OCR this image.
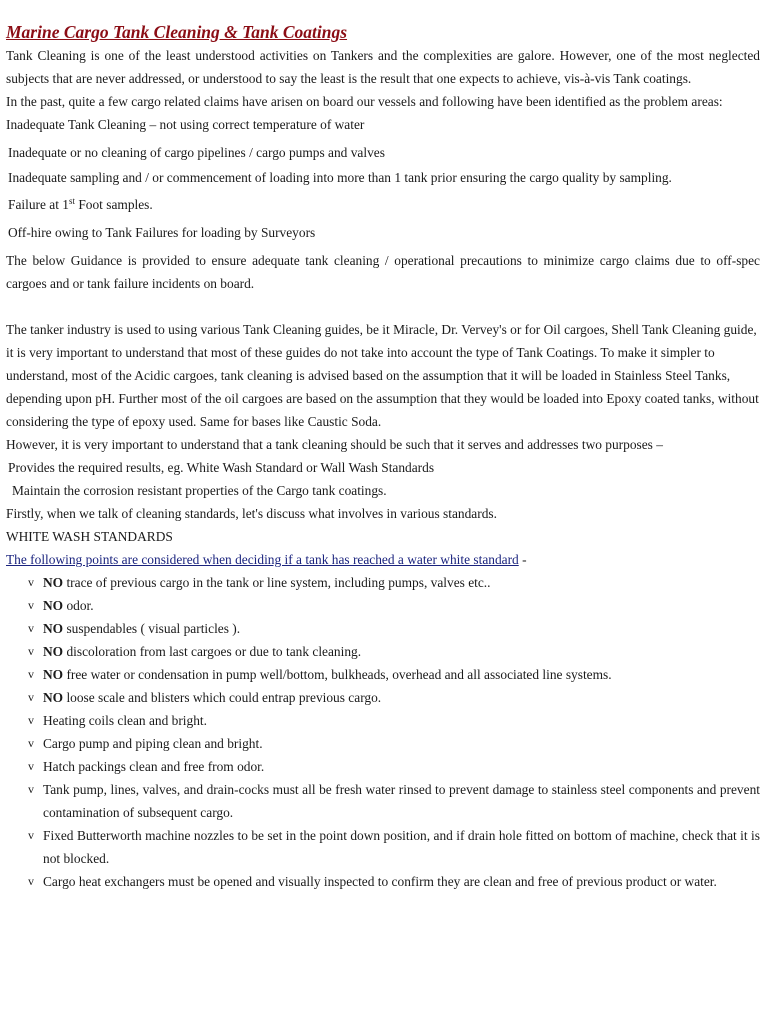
Marine Cargo Tank Cleaning & Tank Coatings

Tank Cleaning is one of the least understood activities on Tankers and the complexities are galore. However, one of the most neglected subjects that are never addressed, or understood to say the least is the result that one expects to achieve, vis-à-vis Tank coatings.

In the past, quite a few cargo related claims have arisen on board our vessels and following have been identified as the problem areas:

Inadequate Tank Cleaning – not using correct temperature of water

Inadequate or no cleaning of cargo pipelines / cargo pumps and valves

Inadequate sampling and / or commencement of loading into more than 1 tank prior ensuring the cargo quality by sampling.

Failure at 1st Foot samples.

Off-hire owing to Tank Failures for loading by Surveyors

The below Guidance is provided to ensure adequate tank cleaning / operational precautions to minimize cargo claims due to off-spec cargoes and or tank failure incidents on board.

The tanker industry is used to using various Tank Cleaning guides, be it Miracle, Dr. Vervey's or for Oil cargoes, Shell Tank Cleaning guide, it is very important to understand that most of these guides do not take into account the type of Tank Coatings. To make it simpler to understand, most of the Acidic cargoes, tank cleaning is advised based on the assumption that it will be loaded in Stainless Steel Tanks, depending upon pH. Further most of the oil cargoes are based on the assumption that they would be loaded into Epoxy coated tanks, without considering the type of epoxy used. Same for bases like Caustic Soda.

However, it is very important to understand that a tank cleaning should be such that it serves and addresses two purposes –

Provides the required results, eg. White Wash Standard or Wall Wash Standards

Maintain the corrosion resistant properties of the Cargo tank coatings.

Firstly, when we talk of cleaning standards, let's discuss what involves in various standards.

WHITE WASH STANDARDS

The following points are considered when deciding if a tank has reached a water white standard -

v NO trace of previous cargo in the tank or line system, including pumps, valves etc..
v NO odor.
v NO suspendables ( visual particles ).
v NO discoloration from last cargoes or due to tank cleaning.
v NO free water or condensation in pump well/bottom, bulkheads, overhead and all associated line systems.
v NO loose scale and blisters which could entrap previous cargo.
v Heating coils clean and bright.
v Cargo pump and piping clean and bright.
v Hatch packings clean and free from odor.
v Tank pump, lines, valves, and drain-cocks must all be fresh water rinsed to prevent damage to stainless steel components and prevent contamination of subsequent cargo.
v Fixed Butterworth machine nozzles to be set in the point down position, and if drain hole fitted on bottom of machine, check that it is not blocked.
v Cargo heat exchangers must be opened and visually inspected to confirm they are clean and free of previous product or water.
